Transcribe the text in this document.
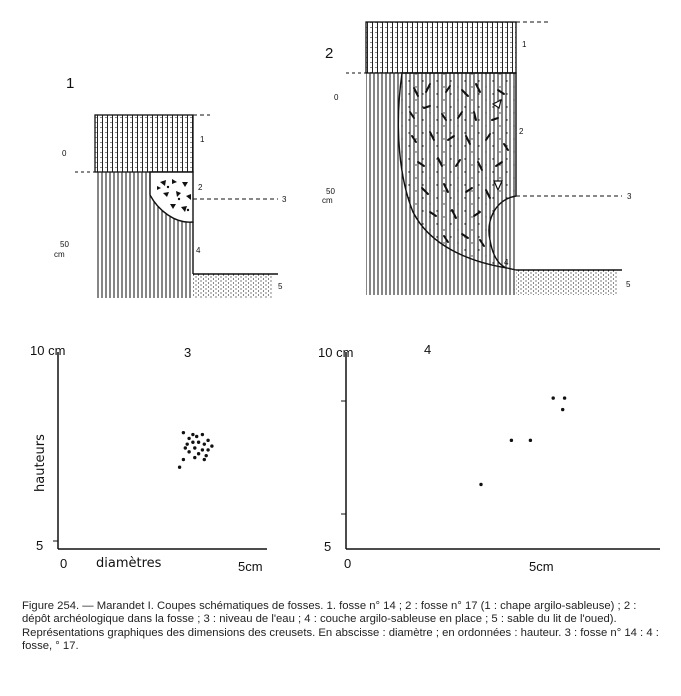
1
0
50
cm
1
2
3
4
5
2
0
50
cm
1
2
3
4
5
3
10 cm
5
0	5cm
diamètres
hauteurs
4
10 cm
5
0	5cm

Figure 254. — Marandet I. Coupes schématiques de fosses. 1. fosse n° 14 ; 2 : fosse n° 17 (1 : chape argilo-sableuse) ; 2 : dépôt archéologique dans la fosse ; 3 : niveau de l'eau ; 4 : couche argilo-sableuse en place ; 5 : sable du lit de l'oued).

Représentations graphiques des dimensions des creusets. En abscisse : diamètre ; en ordonnées : hauteur. 3 : fosse n° 14 : 4 : fosse, ° 17.
